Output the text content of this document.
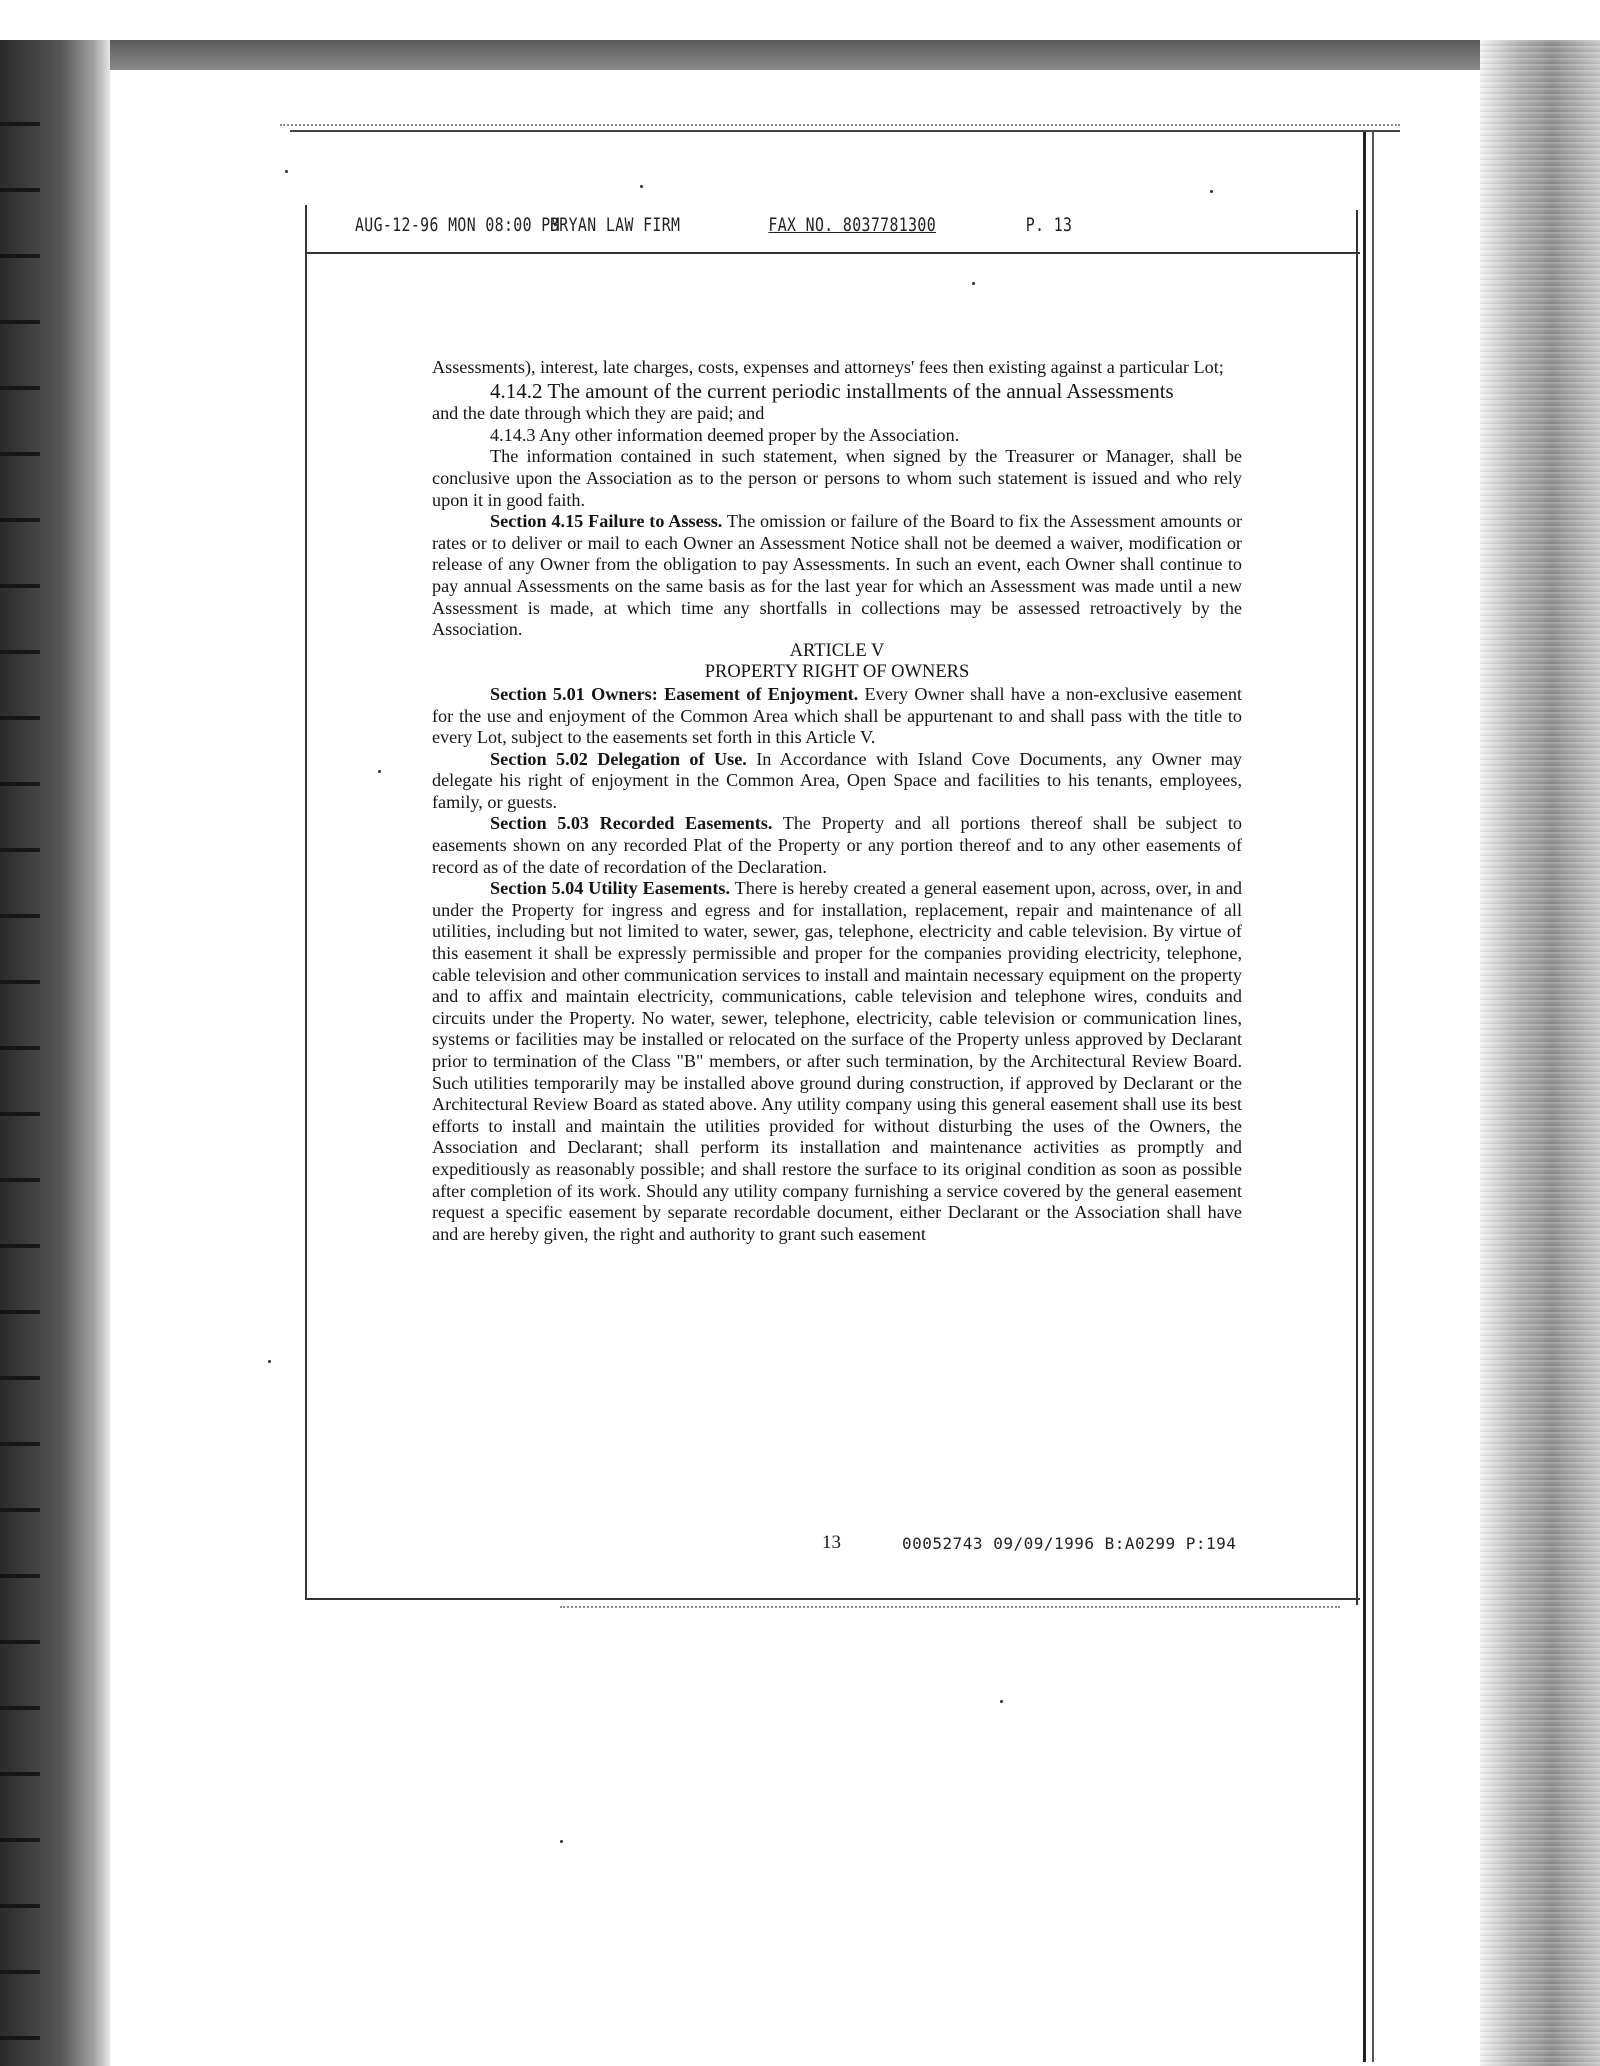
AUG-12-96 MON 08:00 PM
BRYAN LAW FIRM	FAX NO. 8037781300	P. 13

Assessments), interest, late charges, costs, expenses and attorneys' fees then existing against a particular Lot;

4.14.2 The amount of the current periodic installments of the annual Assessments

and the date through which they are paid; and

4.14.3 Any other information deemed proper by the Association.

The information contained in such statement, when signed by the Treasurer or Manager, shall be conclusive upon the Association as to the person or persons to whom such statement is issued and who rely upon it in good faith.

Section 4.15 Failure to Assess. The omission or failure of the Board to fix the Assessment amounts or rates or to deliver or mail to each Owner an Assessment Notice shall not be deemed a waiver, modification or release of any Owner from the obligation to pay Assessments. In such an event, each Owner shall continue to pay annual Assessments on the same basis as for the last year for which an Assessment was made until a new Assessment is made, at which time any shortfalls in collections may be assessed retroactively by the Association.

ARTICLE V

PROPERTY RIGHT OF OWNERS

Section 5.01 Owners: Easement of Enjoyment. Every Owner shall have a non-exclusive easement for the use and enjoyment of the Common Area which shall be appurtenant to and shall pass with the title to every Lot, subject to the easements set forth in this Article V.

Section 5.02 Delegation of Use. In Accordance with Island Cove Documents, any Owner may delegate his right of enjoyment in the Common Area, Open Space and facilities to his tenants, employees, family, or guests.

Section 5.03 Recorded Easements. The Property and all portions thereof shall be subject to easements shown on any recorded Plat of the Property or any portion thereof and to any other easements of record as of the date of recordation of the Declaration.

Section 5.04 Utility Easements. There is hereby created a general easement upon, across, over, in and under the Property for ingress and egress and for installation, replacement, repair and maintenance of all utilities, including but not limited to water, sewer, gas, telephone, electricity and cable television. By virtue of this easement it shall be expressly permissible and proper for the companies providing electricity, telephone, cable television and other communication services to install and maintain necessary equipment on the property and to affix and maintain electricity, communications, cable television and telephone wires, conduits and circuits under the Property. No water, sewer, telephone, electricity, cable television or communication lines, systems or facilities may be installed or relocated on the surface of the Property unless approved by Declarant prior to termination of the Class "B" members, or after such termination, by the Architectural Review Board. Such utilities temporarily may be installed above ground during construction, if approved by Declarant or the Architectural Review Board as stated above. Any utility company using this general easement shall use its best efforts to install and maintain the utilities provided for without disturbing the uses of the Owners, the Association and Declarant; shall perform its installation and maintenance activities as promptly and expeditiously as reasonably possible; and shall restore the surface to its original condition as soon as possible after completion of its work. Should any utility company furnishing a service covered by the general easement request a specific easement by separate recordable document, either Declarant or the Association shall have and are hereby given, the right and authority to grant such easement

13	00052743 09/09/1996 B:A0299 P:194
